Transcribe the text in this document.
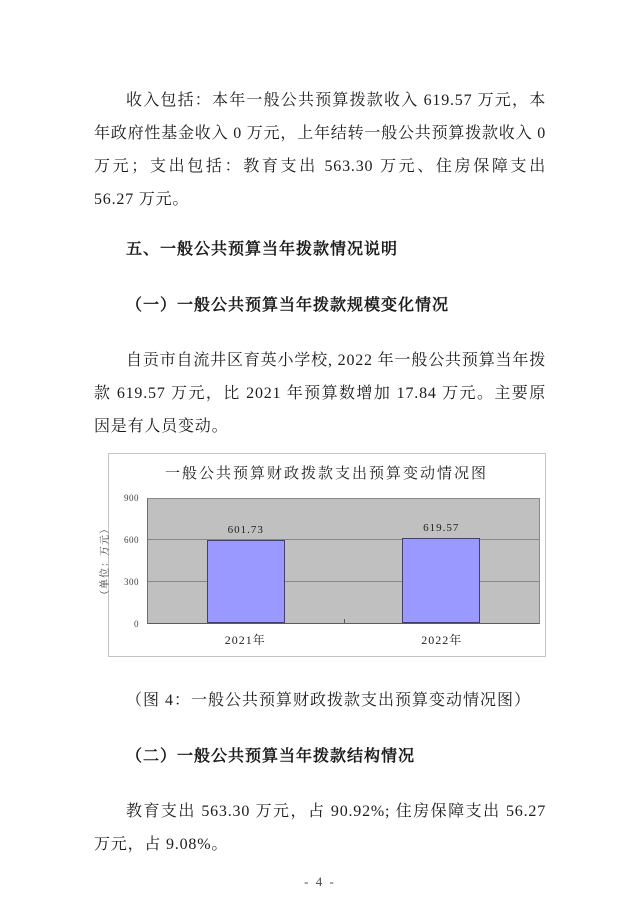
收入包括：本年一般公共预算拨款收入 619.57 万元，本年政府性基金收入 0 万元，上年结转一般公共预算拨款收入 0 万元；支出包括：教育支出 563.30 万元、住房保障支出 56.27 万元。

五、一般公共预算当年拨款情况说明
（一）一般公共预算当年拨款规模变化情况

自贡市自流井区育英小学校, 2022 年一般公共预算当年拨款 619.57 万元，比 2021 年预算数增加 17.84 万元。主要原因是有人员变动。

一般公共预算财政拨款支出预算变动情况图
（单位：万元）
0
300
600
900
601.73	619.57
2021年	2022年

（图 4：一般公共预算财政拨款支出预算变动情况图）

（二）一般公共预算当年拨款结构情况

教育支出 563.30 万元，占 90.92%; 住房保障支出 56.27 万元，占 9.08%。

- 4 -
